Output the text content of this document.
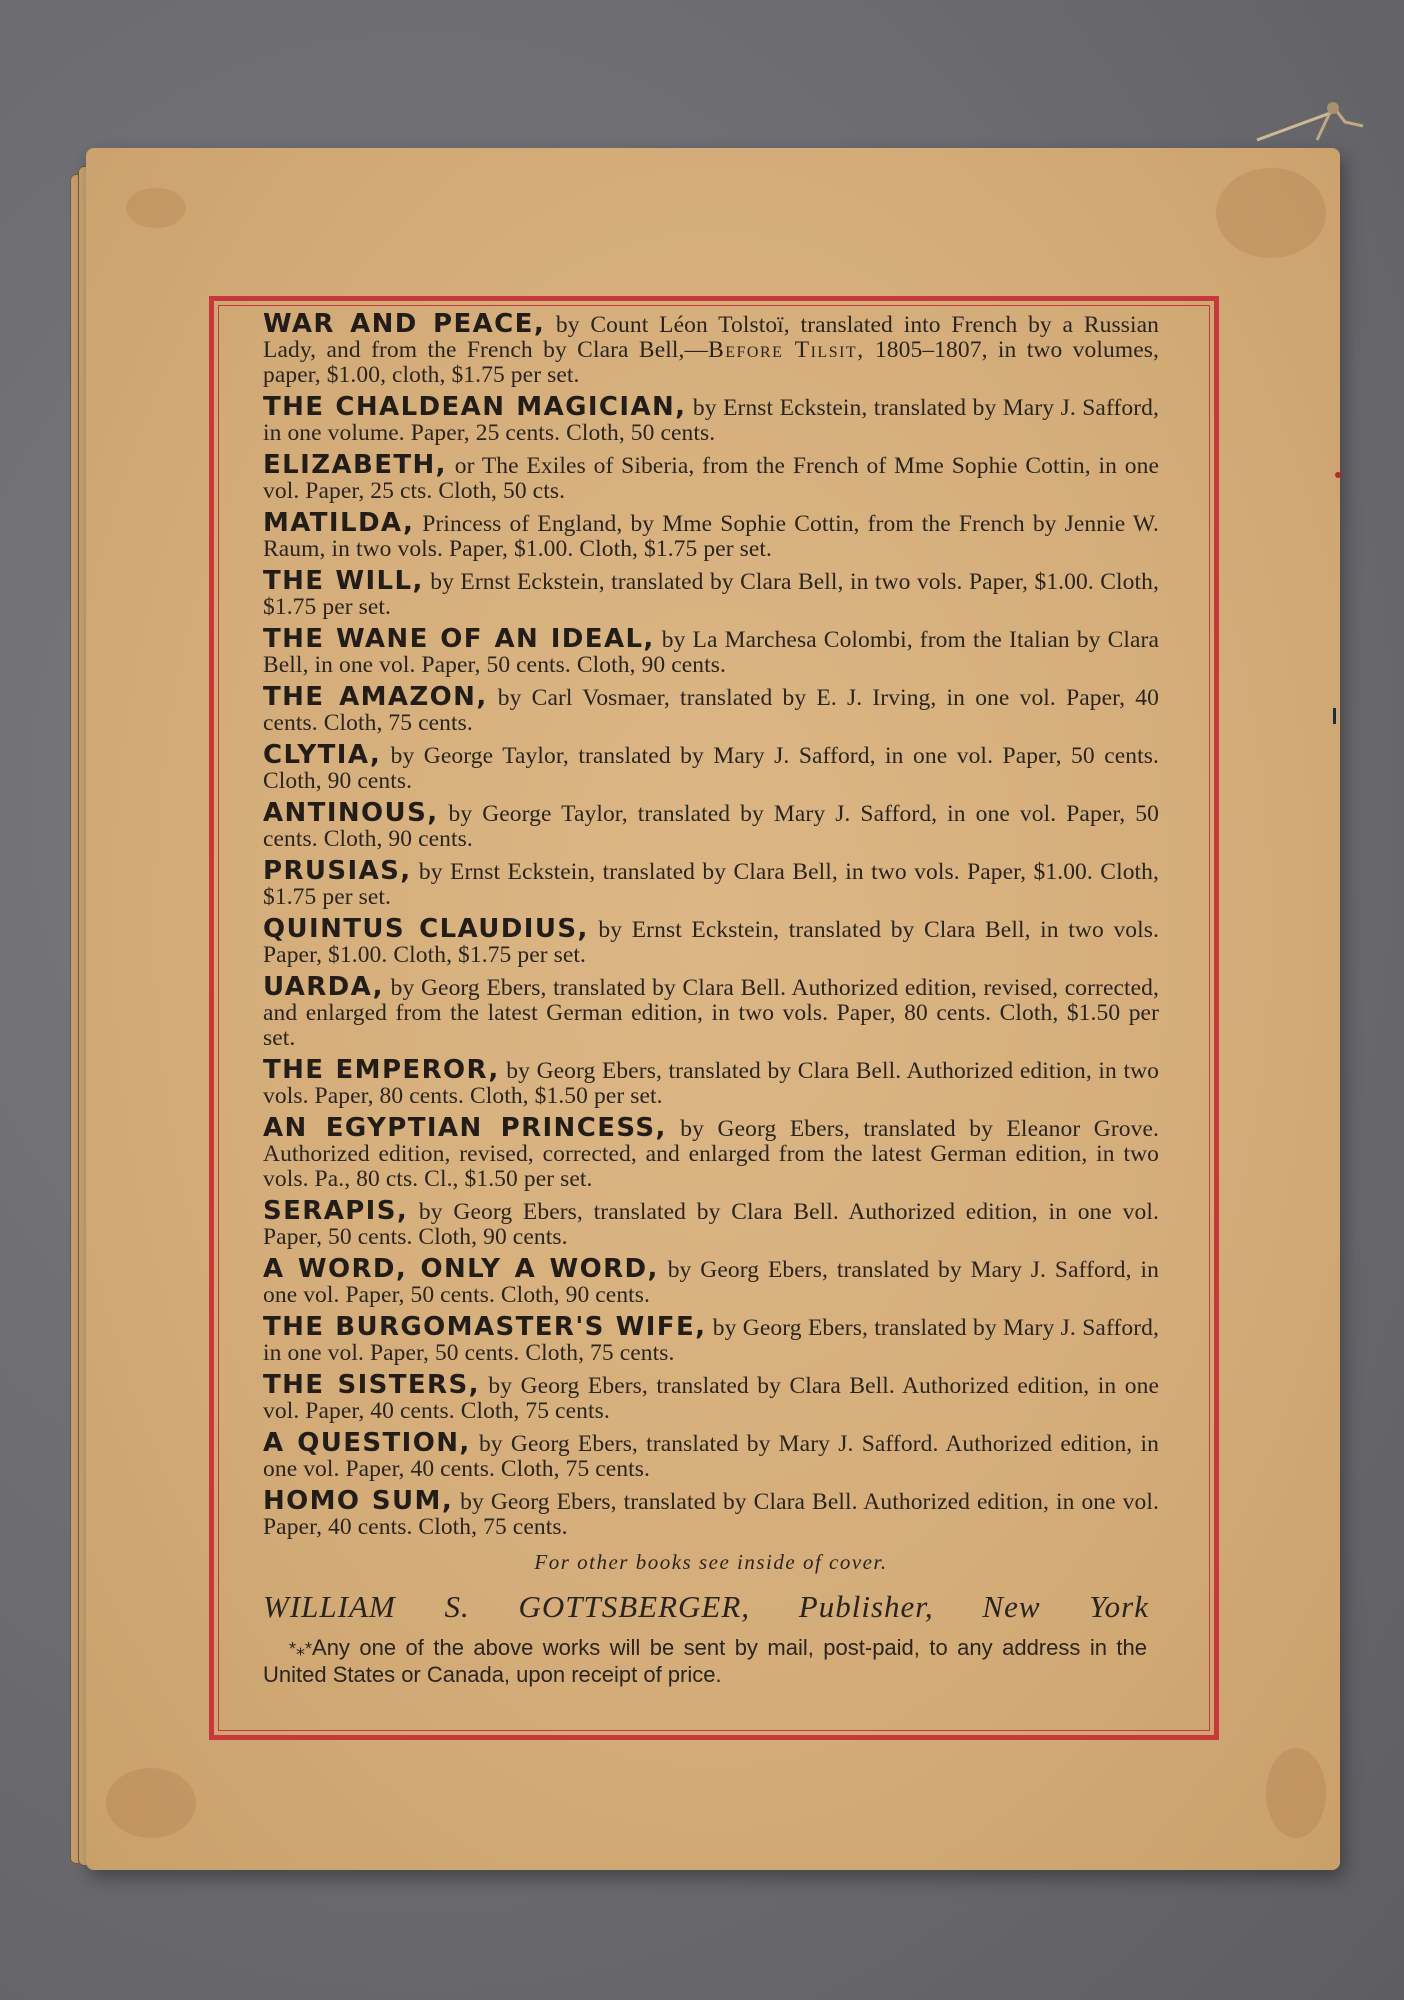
WAR AND PEACE, by Count Léon Tolstoï, translated into French by a Russian Lady, and from the French by Clara Bell,—Before Tilsit, 1805–1807, in two volumes, paper, $1.00, cloth, $1.75 per set.

THE CHALDEAN MAGICIAN, by Ernst Eckstein, translated by Mary J. Safford, in one volume. Paper, 25 cents. Cloth, 50 cents.

ELIZABETH, or The Exiles of Siberia, from the French of Mme Sophie Cottin, in one vol. Paper, 25 cts. Cloth, 50 cts.

MATILDA, Princess of England, by Mme Sophie Cottin, from the French by Jennie W. Raum, in two vols. Paper, $1.00. Cloth, $1.75 per set.

THE WILL, by Ernst Eckstein, translated by Clara Bell, in two vols. Paper, $1.00. Cloth, $1.75 per set.

THE WANE OF AN IDEAL, by La Marchesa Colombi, from the Italian by Clara Bell, in one vol. Paper, 50 cents. Cloth, 90 cents.

THE AMAZON, by Carl Vosmaer, translated by E. J. Irving, in one vol. Paper, 40 cents. Cloth, 75 cents.

CLYTIA, by George Taylor, translated by Mary J. Safford, in one vol. Paper, 50 cents. Cloth, 90 cents.

ANTINOUS, by George Taylor, translated by Mary J. Safford, in one vol. Paper, 50 cents. Cloth, 90 cents.

PRUSIAS, by Ernst Eckstein, translated by Clara Bell, in two vols. Paper, $1.00. Cloth, $1.75 per set.

QUINTUS CLAUDIUS, by Ernst Eckstein, translated by Clara Bell, in two vols. Paper, $1.00. Cloth, $1.75 per set.

UARDA, by Georg Ebers, translated by Clara Bell. Authorized edition, revised, corrected, and enlarged from the latest German edition, in two vols. Paper, 80 cents. Cloth, $1.50 per set.

THE EMPEROR, by Georg Ebers, translated by Clara Bell. Authorized edition, in two vols. Paper, 80 cents. Cloth, $1.50 per set.

AN EGYPTIAN PRINCESS, by Georg Ebers, translated by Eleanor Grove. Authorized edition, revised, corrected, and enlarged from the latest German edition, in two vols. Pa., 80 cts. Cl., $1.50 per set.

SERAPIS, by Georg Ebers, translated by Clara Bell. Authorized edition, in one vol. Paper, 50 cents. Cloth, 90 cents.

A WORD, ONLY A WORD, by Georg Ebers, translated by Mary J. Safford, in one vol. Paper, 50 cents. Cloth, 90 cents.

THE BURGOMASTER'S WIFE, by Georg Ebers, translated by Mary J. Safford, in one vol. Paper, 50 cents. Cloth, 75 cents.

THE SISTERS, by Georg Ebers, translated by Clara Bell. Authorized edition, in one vol. Paper, 40 cents. Cloth, 75 cents.

A QUESTION, by Georg Ebers, translated by Mary J. Safford. Authorized edition, in one vol. Paper, 40 cents. Cloth, 75 cents.

HOMO SUM, by Georg Ebers, translated by Clara Bell. Authorized edition, in one vol. Paper, 40 cents. Cloth, 75 cents.

For other books see inside of cover.
WILLIAM S. GOTTSBERGER, Publisher, New York
*⁎*Any one of the above works will be sent by mail, post-paid, to any address in the United States or Canada, upon receipt of price.
